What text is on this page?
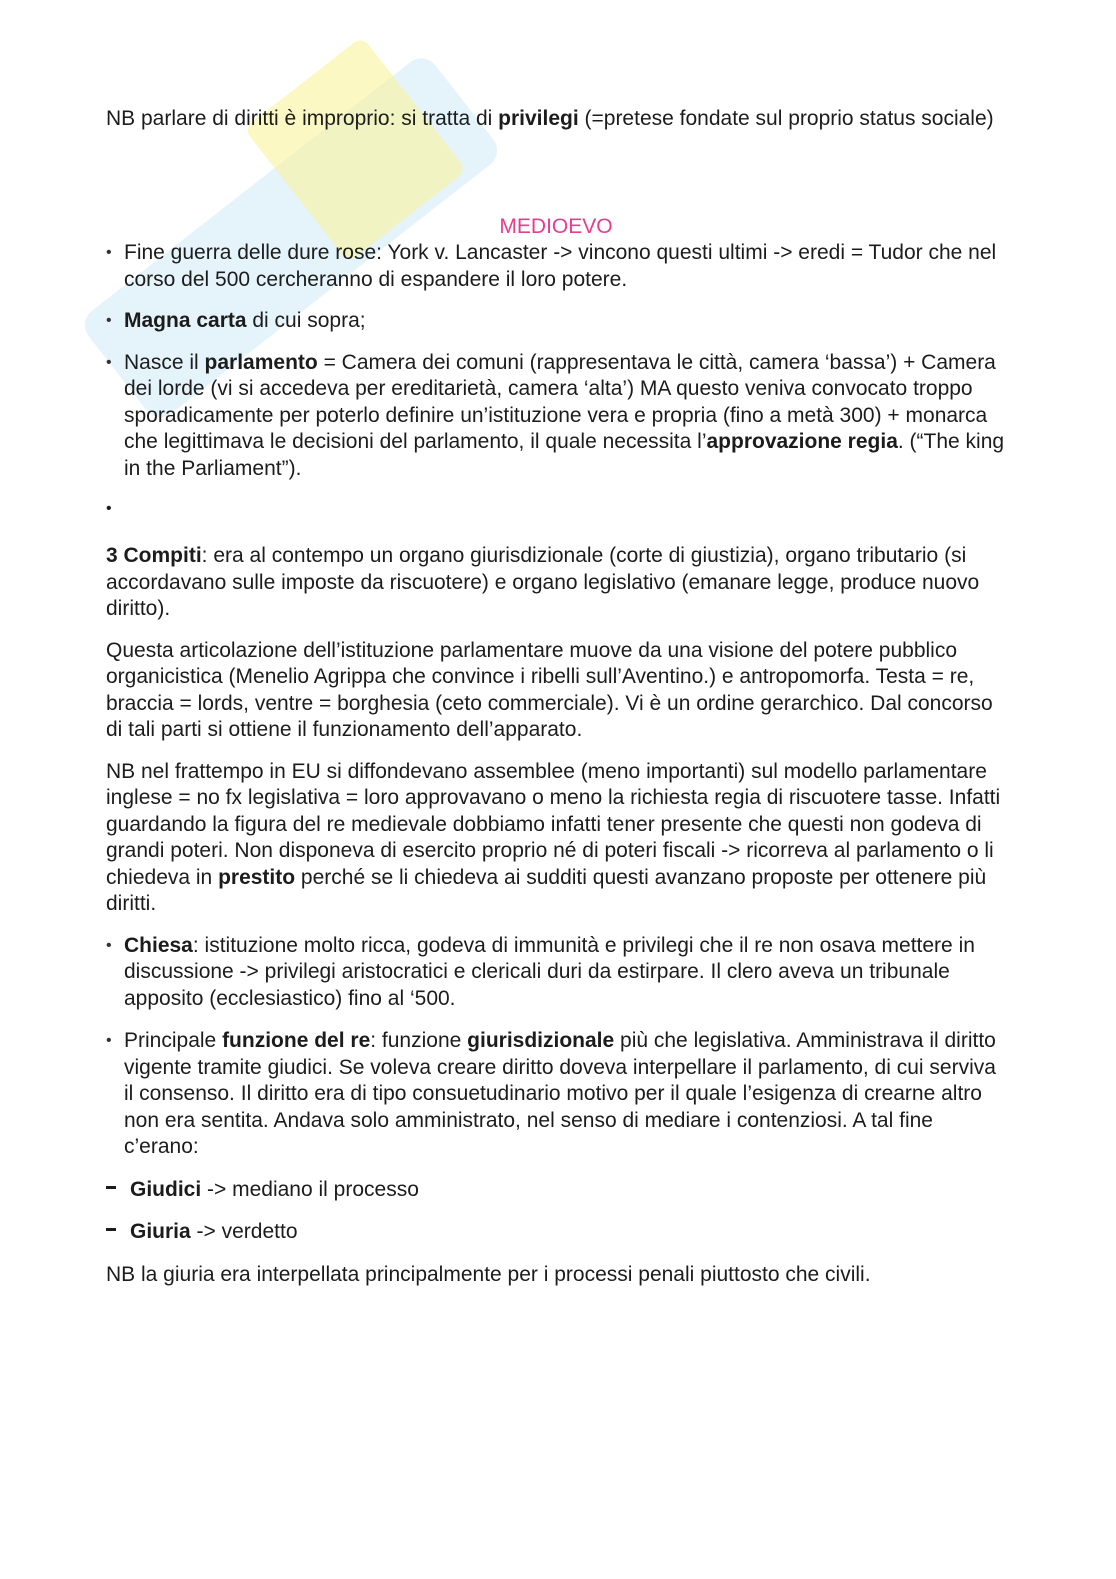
NB parlare di diritti è improprio: si tratta di privilegi (=pretese fondate sul proprio status sociale)

MEDIOEVO

• Fine guerra delle dure rose: York v. Lancaster -> vincono questi ultimi -> eredi = Tudor che nel corso del 500 cercheranno di espandere il loro potere.
• Magna carta di cui sopra;
• Nasce il parlamento = Camera dei comuni (rappresentava le città, camera ‘bassa’) + Camera dei lorde (vi si accedeva per ereditarietà, camera ‘alta’) MA questo veniva convocato troppo sporadicamente per poterlo definire un’istituzione vera e propria (fino a metà 300) + monarca che legittimava le decisioni del parlamento, il quale necessita l’approvazione regia. (“The king in the Parliament”).
•

3 Compiti: era al contempo un organo giurisdizionale (corte di giustizia), organo tributario (si accordavano sulle imposte da riscuotere) e organo legislativo (emanare legge, produce nuovo diritto).

Questa articolazione dell’istituzione parlamentare muove da una visione del potere pubblico organicistica (Menelio Agrippa che convince i ribelli sull’Aventino.) e antropomorfa. Testa = re, braccia = lords, ventre = borghesia (ceto commerciale). Vi è un ordine gerarchico. Dal concorso di tali parti si ottiene il funzionamento dell’apparato.

NB nel frattempo in EU si diffondevano assemblee (meno importanti) sul modello parlamentare inglese = no fx legislativa = loro approvavano o meno la richiesta regia di riscuotere tasse. Infatti guardando la figura del re medievale dobbiamo infatti tener presente che questi non godeva di grandi poteri. Non disponeva di esercito proprio né di poteri fiscali -> ricorreva al parlamento o li chiedeva in prestito perché se li chiedeva ai sudditi questi avanzano proposte per ottenere più diritti.

• Chiesa: istituzione molto ricca, godeva di immunità e privilegi che il re non osava mettere in discussione -> privilegi aristocratici e clericali duri da estirpare. Il clero aveva un tribunale apposito (ecclesiastico) fino al ‘500.
• Principale funzione del re: funzione giurisdizionale più che legislativa. Amministrava il diritto vigente tramite giudici. Se voleva creare diritto doveva interpellare il parlamento, di cui serviva il consenso. Il diritto era di tipo consuetudinario motivo per il quale l’esigenza di crearne altro non era sentita. Andava solo amministrato, nel senso di mediare i contenziosi. A tal fine c’erano:
Giudici -> mediano il processo
Giuria -> verdetto

NB la giuria era interpellata principalmente per i processi penali piuttosto che civili.
